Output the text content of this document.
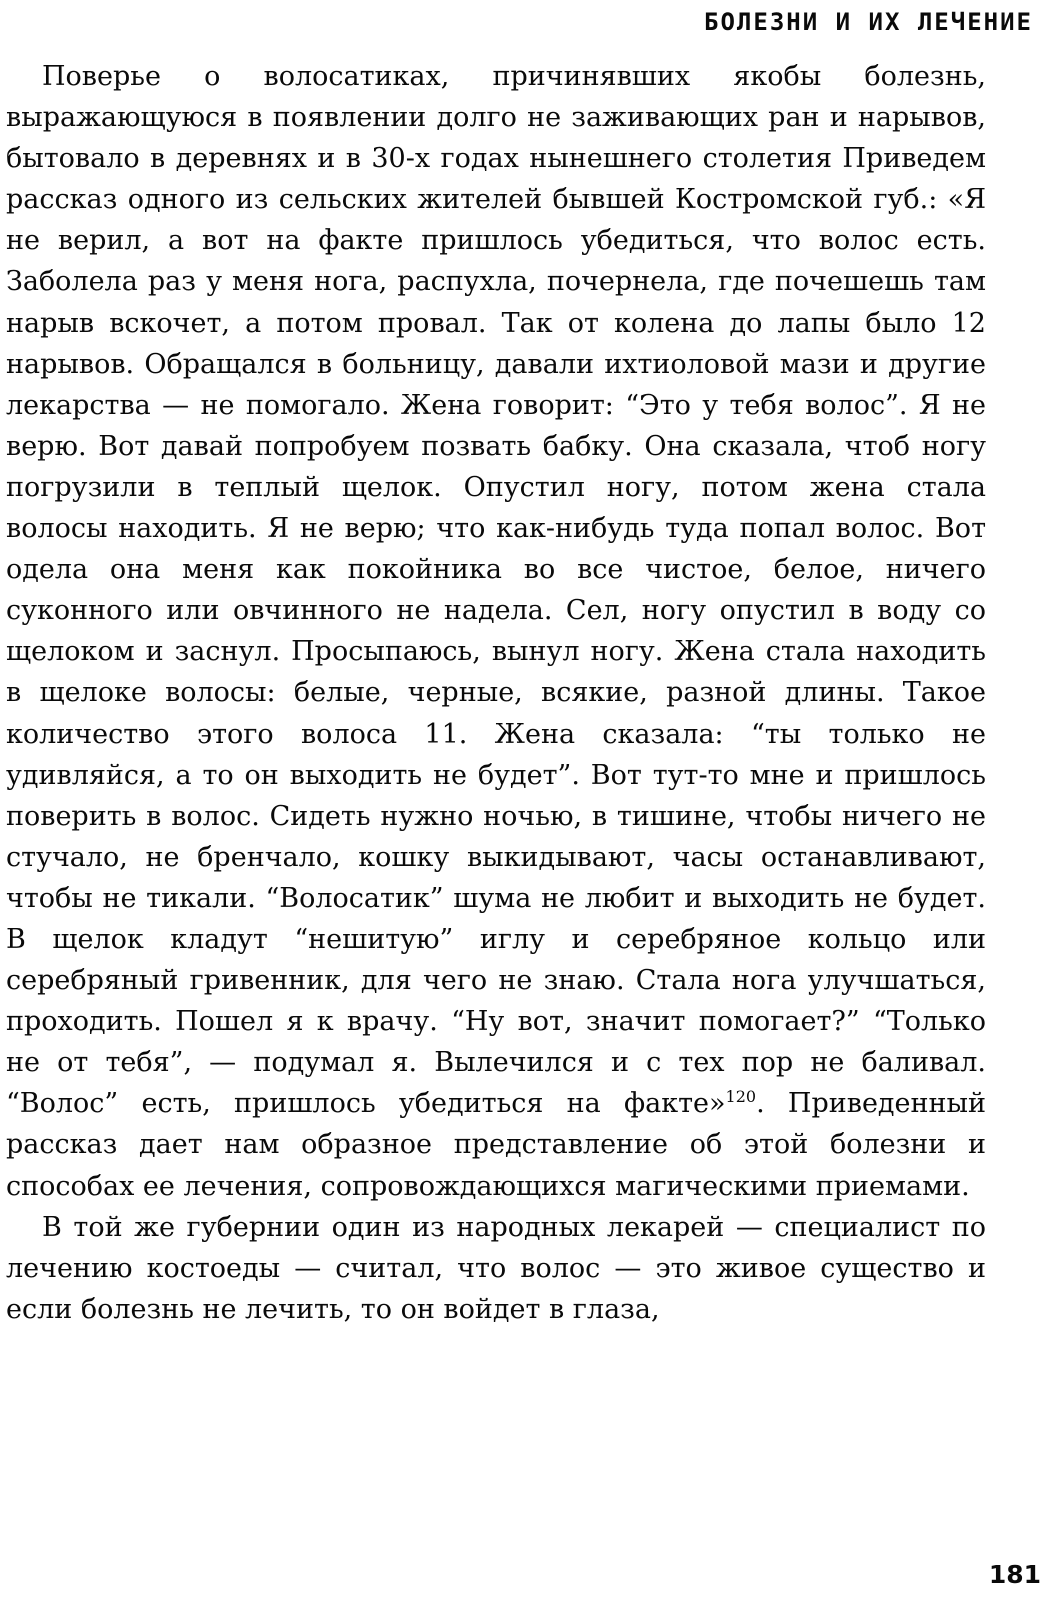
БОЛЕЗНИ И ИХ ЛЕЧЕНИЕ

Поверье о волосатиках, причинявших якобы болезнь, выражающуюся в появлении долго не заживающих ран и нарывов, бытовало в деревнях и в 30-х годах нынешнего столетия Приведем рассказ одного из сельских жителей бывшей Костромской губ.: «Я не верил, а вот на факте пришлось убедиться, что волос есть. Заболела раз у меня нога, распухла, почернела, где почешешь там нарыв вскочет, а потом провал. Так от колена до лапы было 12 нарывов. Обращался в больницу, давали ихтиоловой мази и другие лекарства — не помогало. Жена говорит: “Это у тебя волос”. Я не верю. Вот давай попробуем позвать бабку. Она сказала, чтоб ногу погрузили в теплый щелок. Опустил ногу, потом жена стала волосы находить. Я не верю; что как-нибудь туда попал волос. Вот одела она меня как покойника во все чистое, белое, ничего суконного или овчинного не надела. Сел, ногу опустил в воду со щелоком и заснул. Просыпаюсь, вынул ногу. Жена стала находить в щелоке волосы: белые, черные, всякие, разной длины. Такое количество этого волоса 11. Жена сказала: “ты только не удивляйся, а то он выходить не будет”. Вот тут-то мне и пришлось поверить в волос. Сидеть нужно ночью, в тишине, чтобы ничего не стучало, не бренчало, кошку выкидывают, часы останавливают, чтобы не тикали. “Волосатик” шума не любит и выходить не будет. В щелок кладут “нешитую” иглу и серебряное кольцо или серебряный гривенник, для чего не знаю. Стала нога улучшаться, проходить. Пошел я к врачу. “Ну вот, значит помогает?” “Только не от тебя”, — подумал я. Вылечился и с тех пор не баливал. “Волос” есть, пришлось убедиться на факте»$^{120}$. Приведенный рассказ дает нам образное представление об этой болезни и способах ее лечения, сопровождающихся магическими приемами.

В той же губернии один из народных лекарей — специалист по лечению костоеды — считал, что волос — это живое существо и если болезнь не лечить, то он войдет в глаза,

181
